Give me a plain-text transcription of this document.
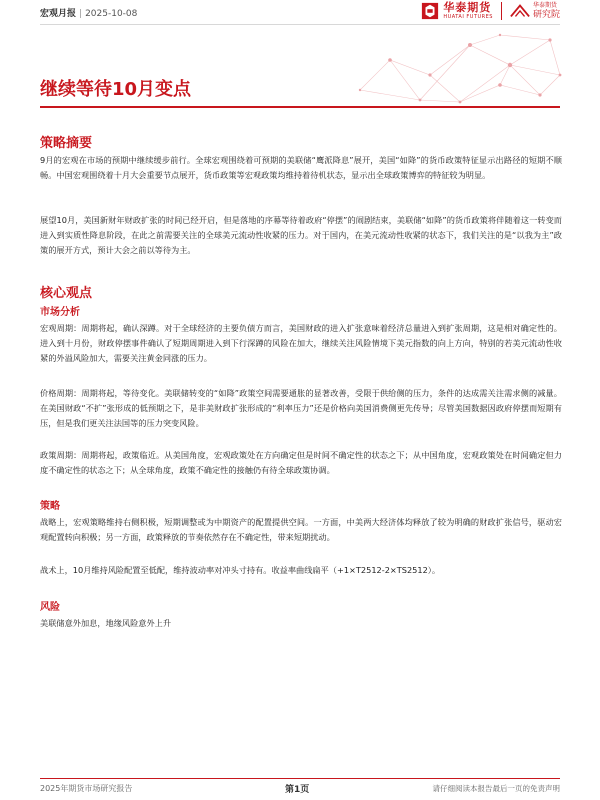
宏观月报 | 2025-10-08	华泰期货
HUATAI FUTURES
华泰期货
研究院
继续等待10月变点
策略摘要
9月的宏观在市场的预期中继续缓步前行。全球宏观围绕着可预期的美联储“鹰派降息”展开，美国“如降”的货币政策特征显示出路径的短期不顺畅。中国宏观围绕着十月大会重要节点展开，货币政策等宏观政策均维持着待机状态，显示出全球政策博弈的特征较为明显。
展望10月，美国新财年财政扩张的时间已经开启，但是落地的序幕等待着政府“停摆”的闹剧结束，美联储“如降”的货币政策将伴随着这一转变而进入到实质性降息阶段，在此之前需要关注的全球美元流动性收紧的压力。对于国内，在美元流动性收紧的状态下，我们关注的是“以我为主”政策的展开方式，预计大会之前以等待为主。
核心观点
市场分析
宏观周期：周期将起，确认深蹲。对于全球经济的主要负债方而言，美国财政的进入扩张意味着经济总量进入到扩张周期，这是相对确定性的。进入到十月份，财政停摆事件确认了短期周期进入到下行深蹲的风险在加大，继续关注风险情境下美元指数的向上方向，特别的若美元流动性收紧的外溢风险加大，需要关注黄金同涨的压力。
价格周期：周期将起，等待变化。美联储转变的“如降”政策空间需要通胀的显著改善，受限于供给侧的压力，条件的达成需关注需求侧的减量。在美国财政“不扩”张形成的低预期之下，是非美财政扩张形成的“利率压力”还是价格向美国消费侧更先传导；尽管美国数据因政府停摆而短期有压，但是我们更关注法国等的压力突变风险。
政策周期：周期将起，政策临近。从美国角度，宏观政策处在方向确定但是时间不确定性的状态之下；从中国角度，宏观政策处在时间确定但力度不确定性的状态之下；从全球角度，政策不确定性的接触仍有待全球政策协调。
策略
战略上，宏观策略维持右侧积极，短期调整或为中期资产的配置提供空间。一方面，中美两大经济体均释放了较为明确的财政扩张信号，驱动宏观配置转向积极；另一方面，政策释放的节奏依然存在不确定性，带来短期扰动。
战术上，10月维持风险配置至低配，维持波动率对冲头寸持有。收益率曲线扁平（+1×T2512-2×TS2512）。
风险
美联储意外加息，地缘风险意外上升
2025年期货市场研究报告	第1页	请仔细阅读本报告最后一页的免责声明
